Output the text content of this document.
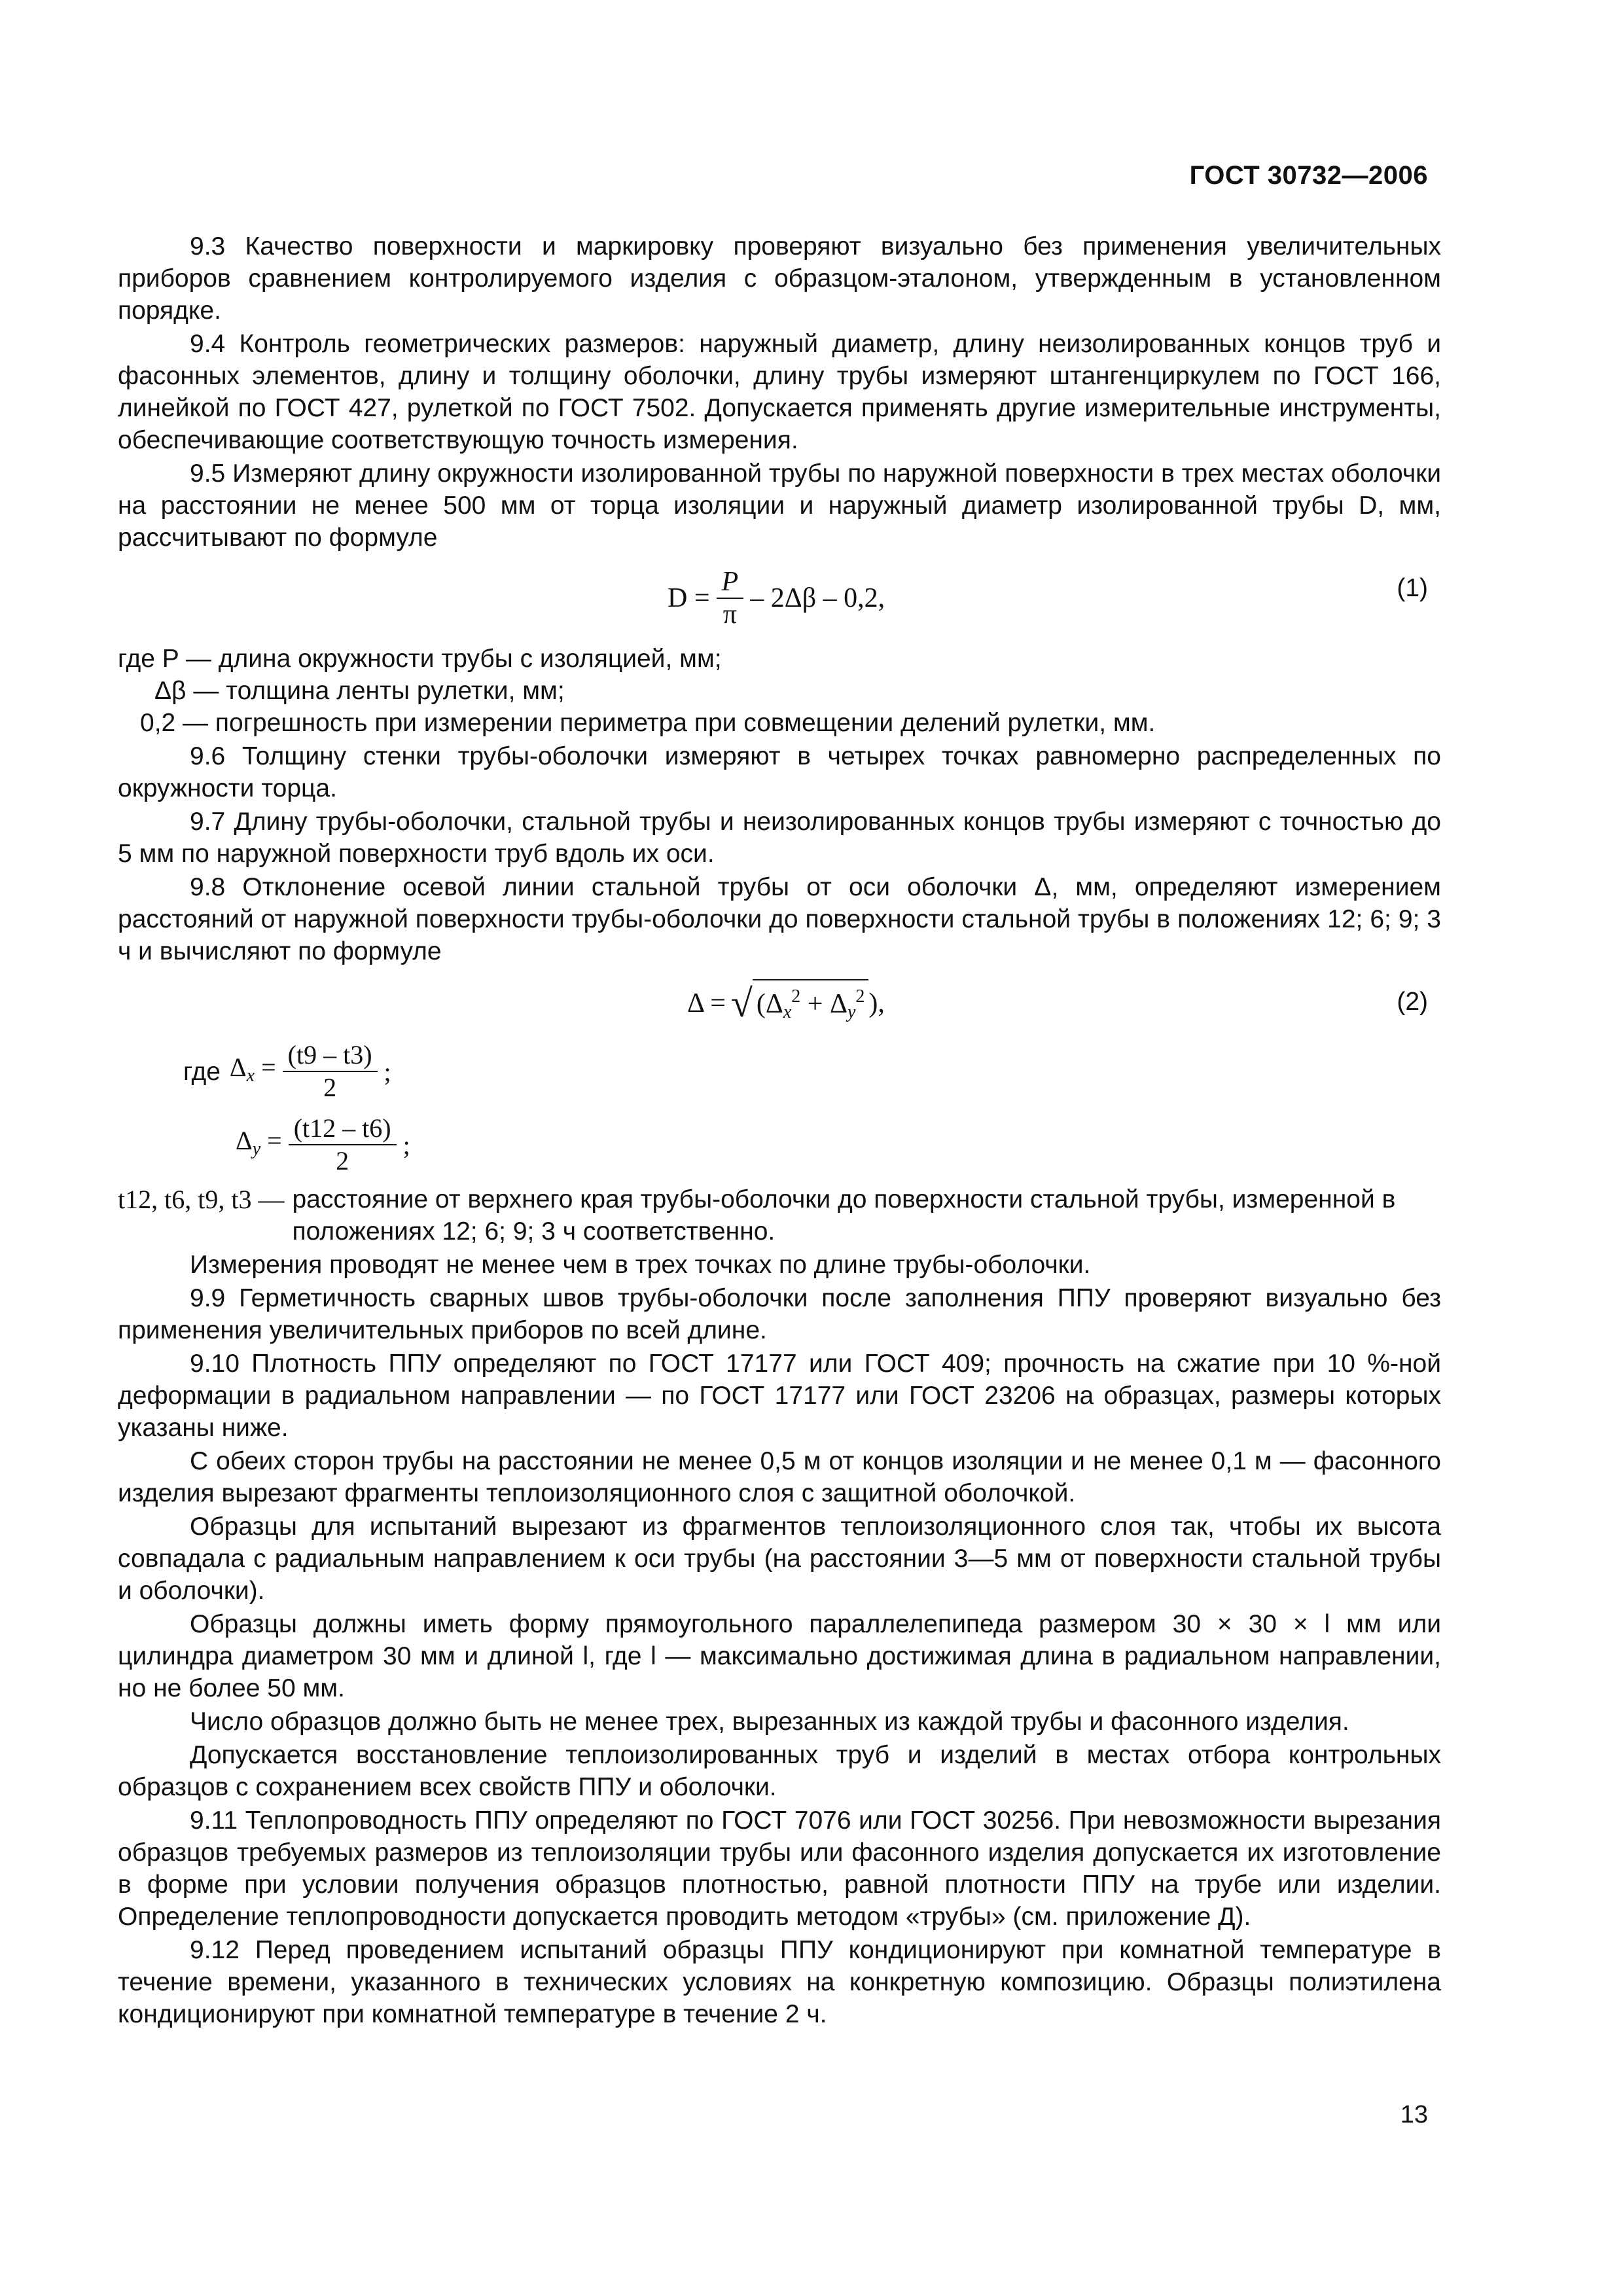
ГОСТ 30732—2006

9.3 Качество поверхности и маркировку проверяют визуально без применения увеличительных приборов сравнением контролируемого изделия с образцом-эталоном, утвержденным в установленном порядке.

9.4 Контроль геометрических размеров: наружный диаметр, длину неизолированных концов труб и фасонных элементов, длину и толщину оболочки, длину трубы измеряют штангенциркулем по ГОСТ 166, линейкой по ГОСТ 427, рулеткой по ГОСТ 7502. Допускается применять другие измерительные инструменты, обеспечивающие соответствующую точность измерения.

9.5 Измеряют длину окружности изолированной трубы по наружной поверхности в трех местах оболочки на расстоянии не менее 500 мм от торца изоляции и наружный диаметр изолированной трубы D, мм, рассчитывают по формуле

$D = \frac{P}{\pi} - 2\Delta\beta - 0,2$,	(1)
где P — длина окружности трубы с изоляцией, мм;
Δβ — толщина ленты рулетки, мм;
0,2 — погрешность при измерении периметра при совмещении делений рулетки, мм.

9.6 Толщину стенки трубы-оболочки измеряют в четырех точках равномерно распределенных по окружности торца.

9.7 Длину трубы-оболочки, стальной трубы и неизолированных концов трубы измеряют с точностью до 5 мм по наружной поверхности труб вдоль их оси.

9.8 Отклонение осевой линии стальной трубы от оси оболочки Δ, мм, определяют измерением расстояний от наружной поверхности трубы-оболочки до поверхности стальной трубы в положениях 12; 6; 9; 3 ч и вычисляют по формуле

Δ = √ ($\Delta_x^2 + \Delta_y^2$ ),	(2)
где $\Delta_x = \frac{(t9 - t3)}{2}$ ;
$\Delta_y = \frac{(t12 - t6)}{2}$ ;
t12, t6, t9, t3 — расстояние от верхнего края трубы-оболочки до поверхности стальной трубы, измеренной в положениях 12; 6; 9; 3 ч соответственно.

Измерения проводят не менее чем в трех точках по длине трубы-оболочки.

9.9 Герметичность сварных швов трубы-оболочки после заполнения ППУ проверяют визуально без применения увеличительных приборов по всей длине.

9.10 Плотность ППУ определяют по ГОСТ 17177 или ГОСТ 409; прочность на сжатие при 10 %-ной деформации в радиальном направлении — по ГОСТ 17177 или ГОСТ 23206 на образцах, размеры которых указаны ниже.

С обеих сторон трубы на расстоянии не менее 0,5 м от концов изоляции и не менее 0,1 м — фасонного изделия вырезают фрагменты теплоизоляционного слоя с защитной оболочкой.

Образцы для испытаний вырезают из фрагментов теплоизоляционного слоя так, чтобы их высота совпадала с радиальным направлением к оси трубы (на расстоянии 3—5 мм от поверхности стальной трубы и оболочки).

Образцы должны иметь форму прямоугольного параллелепипеда размером 30 × 30 × l мм или цилиндра диаметром 30 мм и длиной l, где l — максимально достижимая длина в радиальном направлении, но не более 50 мм.

Число образцов должно быть не менее трех, вырезанных из каждой трубы и фасонного изделия.

Допускается восстановление теплоизолированных труб и изделий в местах отбора контрольных образцов с сохранением всех свойств ППУ и оболочки.

9.11 Теплопроводность ППУ определяют по ГОСТ 7076 или ГОСТ 30256. При невозможности вырезания образцов требуемых размеров из теплоизоляции трубы или фасонного изделия допускается их изготовление в форме при условии получения образцов плотностью, равной плотности ППУ на трубе или изделии. Определение теплопроводности допускается проводить методом «трубы» (см. приложение Д).

9.12 Перед проведением испытаний образцы ППУ кондиционируют при комнатной температуре в течение времени, указанного в технических условиях на конкретную композицию. Образцы полиэтилена кондиционируют при комнатной температуре в течение 2 ч.

13
